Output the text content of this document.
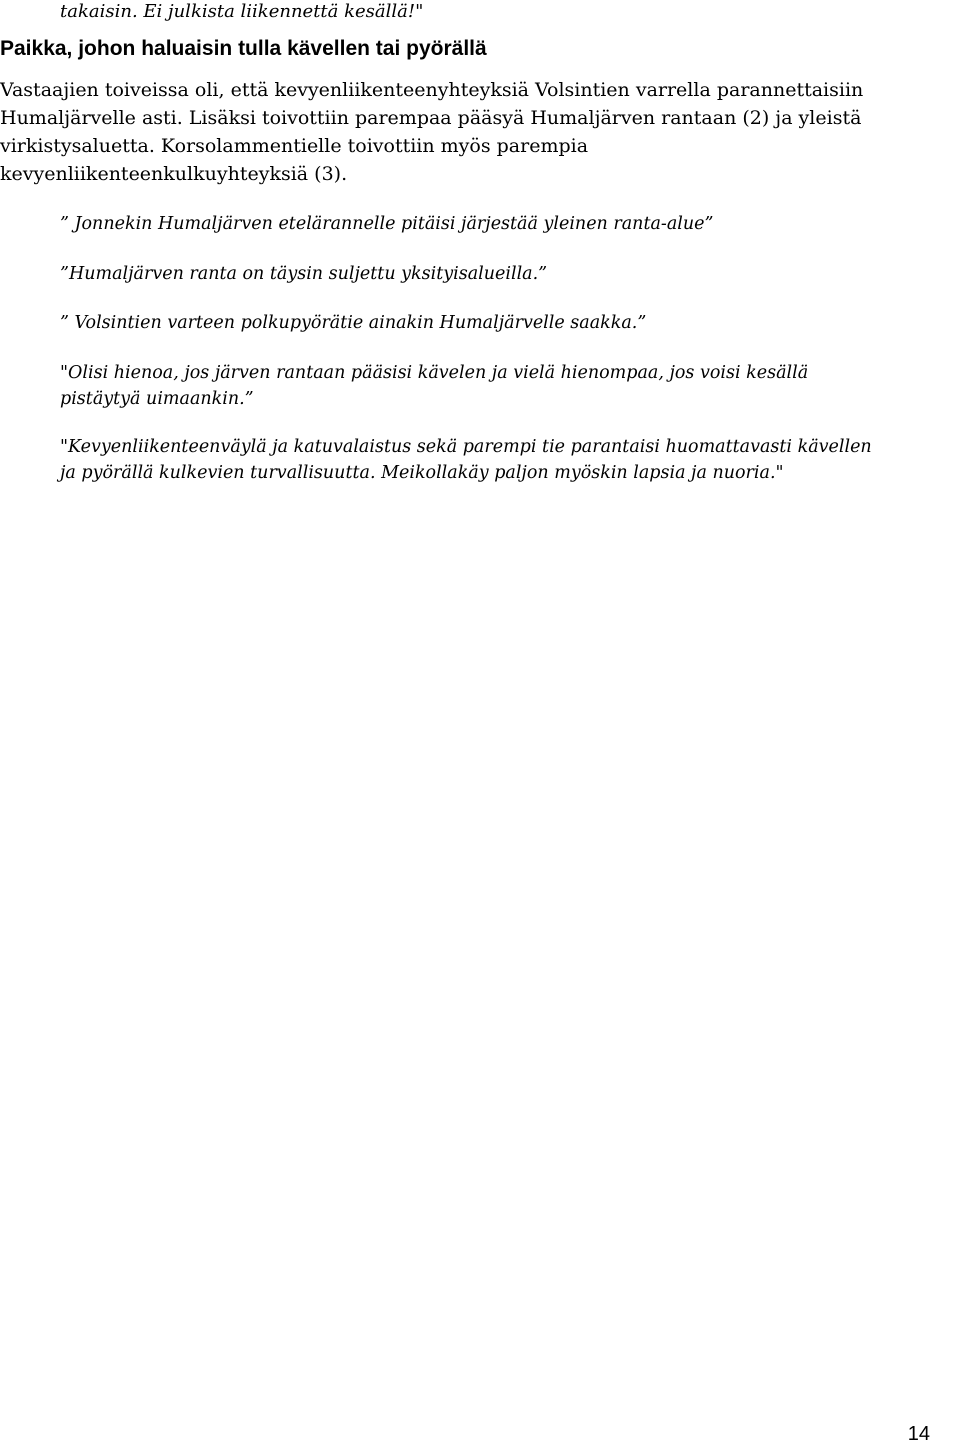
takaisin. Ei julkista liikennettä kesällä!"
Paikka, johon haluaisin tulla kävellen tai pyörällä

Vastaajien toiveissa oli, että kevyenliikenteenyhteyksiä Volsintien varrella parannettaisiin Humaljärvelle asti. Lisäksi toivottiin parempaa pääsyä Humaljärven rantaan (2) ja yleistä virkistysaluetta. Korsolammentielle toivottiin myös parempia kevyenliikenteenkulkuyhteyksiä (3).

” Jonnekin Humaljärven etelärannelle pitäisi järjestää yleinen ranta-alue”

”Humaljärven ranta on täysin suljettu yksityisalueilla.”

” Volsintien varteen polkupyörätie ainakin Humaljärvelle saakka.”

"Olisi hienoa, jos järven rantaan pääsisi kävelen ja vielä hienompaa, jos voisi kesällä pistäytyä uimaankin.”

"Kevyenliikenteenväylä ja katuvalaistus sekä parempi tie parantaisi huomattavasti kävellen ja pyörällä kulkevien turvallisuutta. Meikollakäy paljon myöskin lapsia ja nuoria."

14
